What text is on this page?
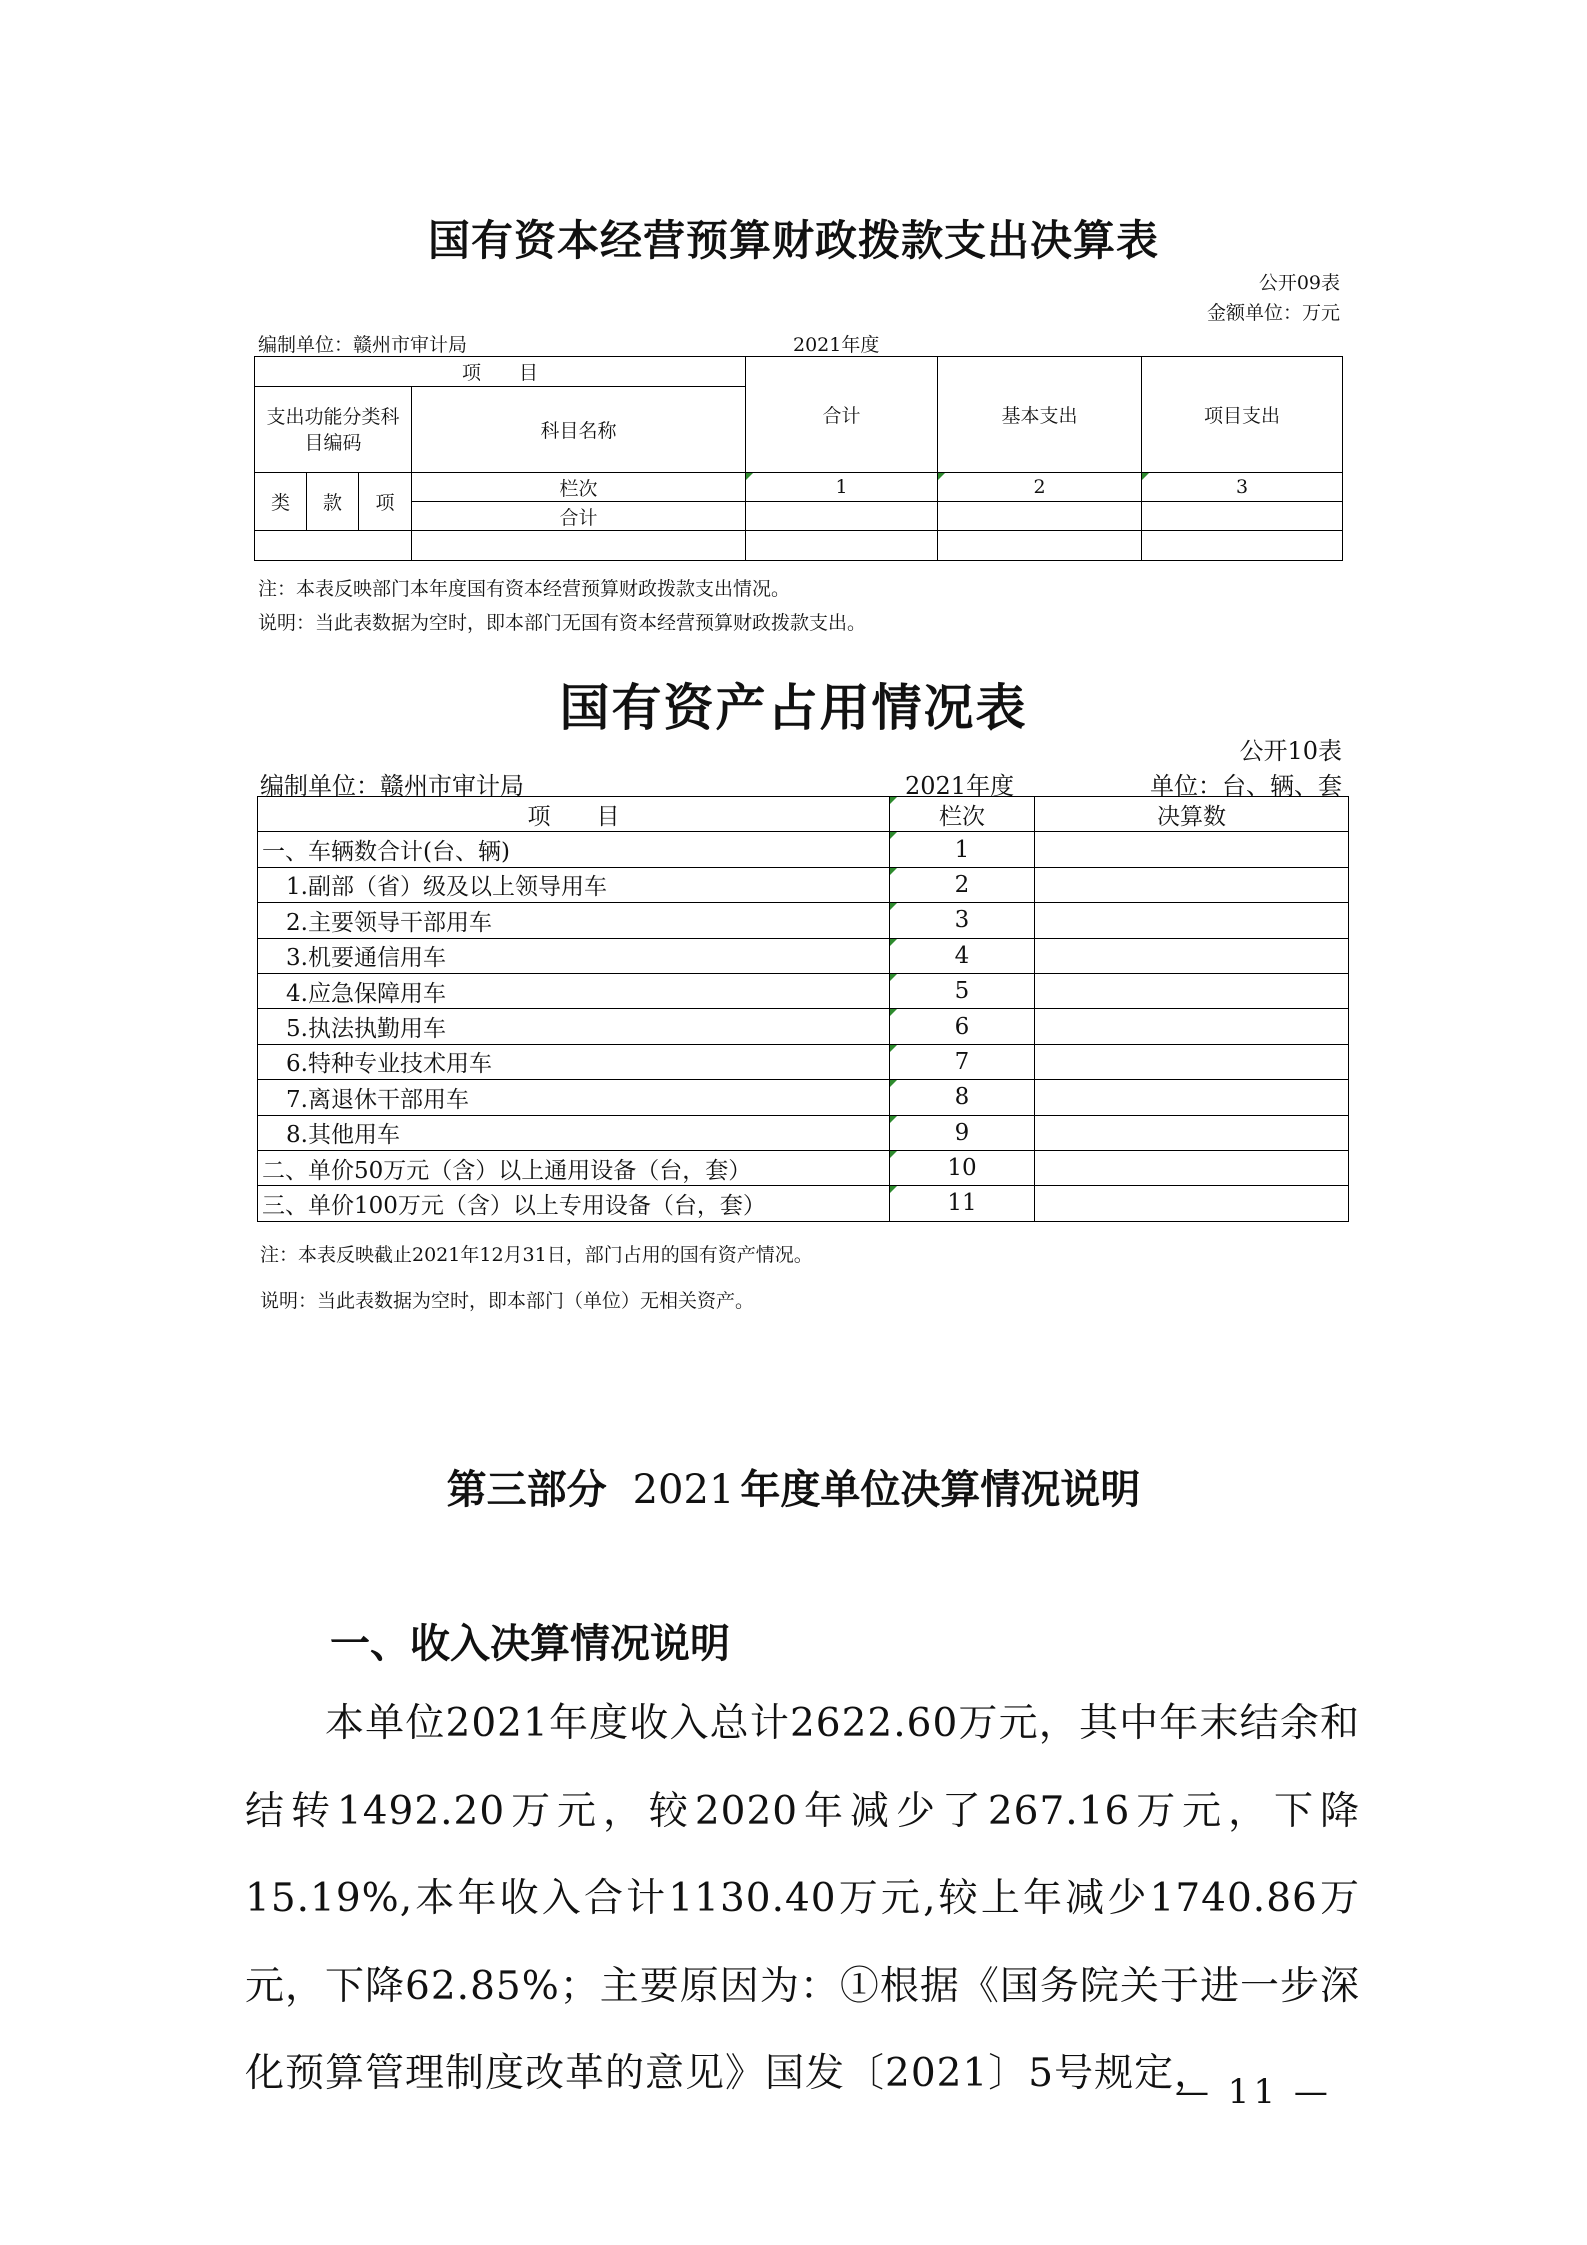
国有资本经营预算财政拨款支出决算表
公开09表
金额单位：万元
编制单位：赣州市审计局	2021年度
项　　目				合计	基本支出	项目支出
支出功能分类科目编码			科目名称			
类	款	项	栏次	1	2	3
			合计			

注：本表反映部门本年度国有资本经营预算财政拨款支出情况。
说明：当此表数据为空时，即本部门无国有资本经营预算财政拨款支出。
国有资产占用情况表
公开10表
编制单位：赣州市审计局	2021年度	单位：台、辆、套
项　　目	栏次	决算数
一、车辆数合计(台、辆)	1	
1.副部（省）级及以上领导用车	2	
2.主要领导干部用车	3	
3.机要通信用车	4	
4.应急保障用车	5	
5.执法执勤用车	6	
6.特种专业技术用车	7	
7.离退休干部用车	8	
8.其他用车	9	
二、单价50万元（含）以上通用设备（台，套）	10	
三、单价100万元（含）以上专用设备（台，套）	11	
注：本表反映截止2021年12月31日，部门占用的国有资产情况。
说明：当此表数据为空时，即本部门（单位）无相关资产。
第三部分 2021 年度单位决算情况说明
一、收入决算情况说明
本单位2021年度收入总计2622.60万元，其中年末结余和结转1492.20万元，较2020年减少了267.16万元，下降15.19%,本年收入合计1130.40万元,较上年减少1740.86万元，下降62.85%；主要原因为：①根据《国务院关于进一步深化预算管理制度改革的意见》国发〔2021〕5号规定，
— 11 —
